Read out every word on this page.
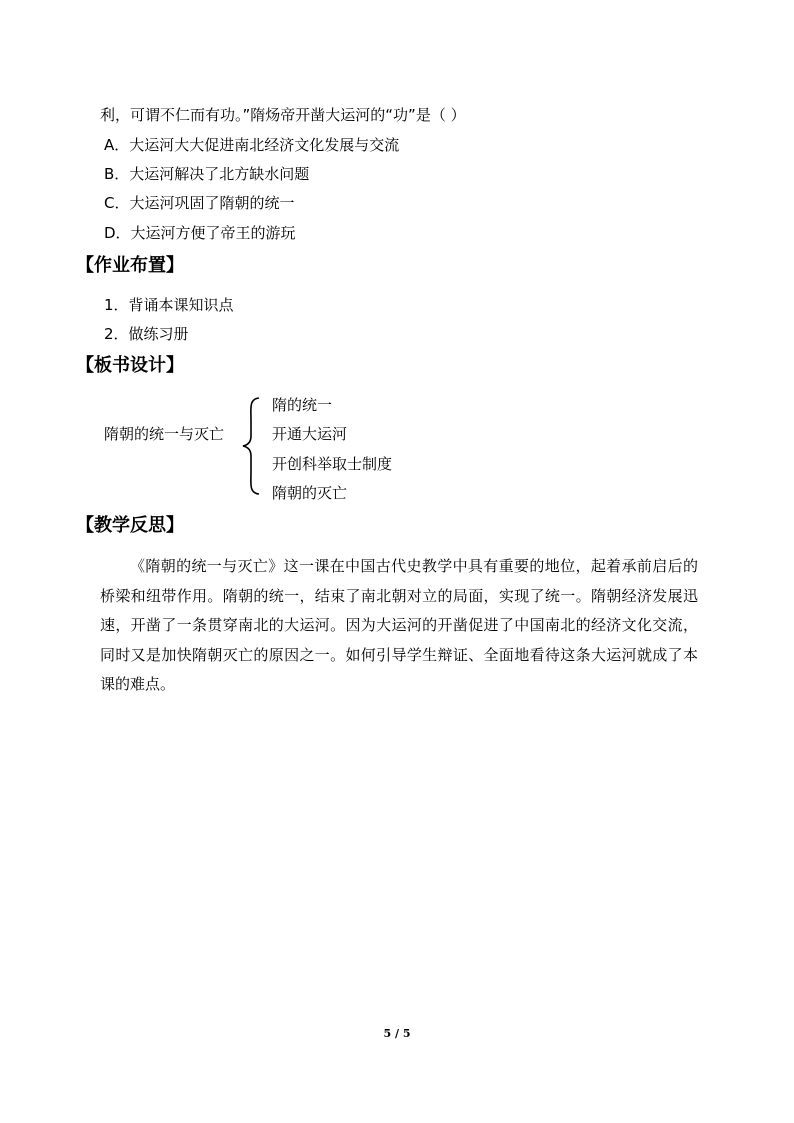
利，可谓不仁而有功。”隋炀帝开凿大运河的“功”是（ ）
A．大运河大大促进南北经济文化发展与交流
B．大运河解决了北方缺水问题
C．大运河巩固了隋朝的统一
D．大运河方便了帝王的游玩
【作业布置】
1．背诵本课知识点
2．做练习册
【板书设计】
隋朝的统一与灭亡
隋的统一
开通大运河
开创科举取士制度
隋朝的灭亡
【教学反思】
《隋朝的统一与灭亡》这一课在中国古代史教学中具有重要的地位，起着承前启后的桥梁和纽带作用。隋朝的统一，结束了南北朝对立的局面，实现了统一。隋朝经济发展迅速，开凿了一条贯穿南北的大运河。因为大运河的开凿促进了中国南北的经济文化交流，同时又是加快隋朝灭亡的原因之一。如何引导学生辩证、全面地看待这条大运河就成了本课的难点。
5 / 5
